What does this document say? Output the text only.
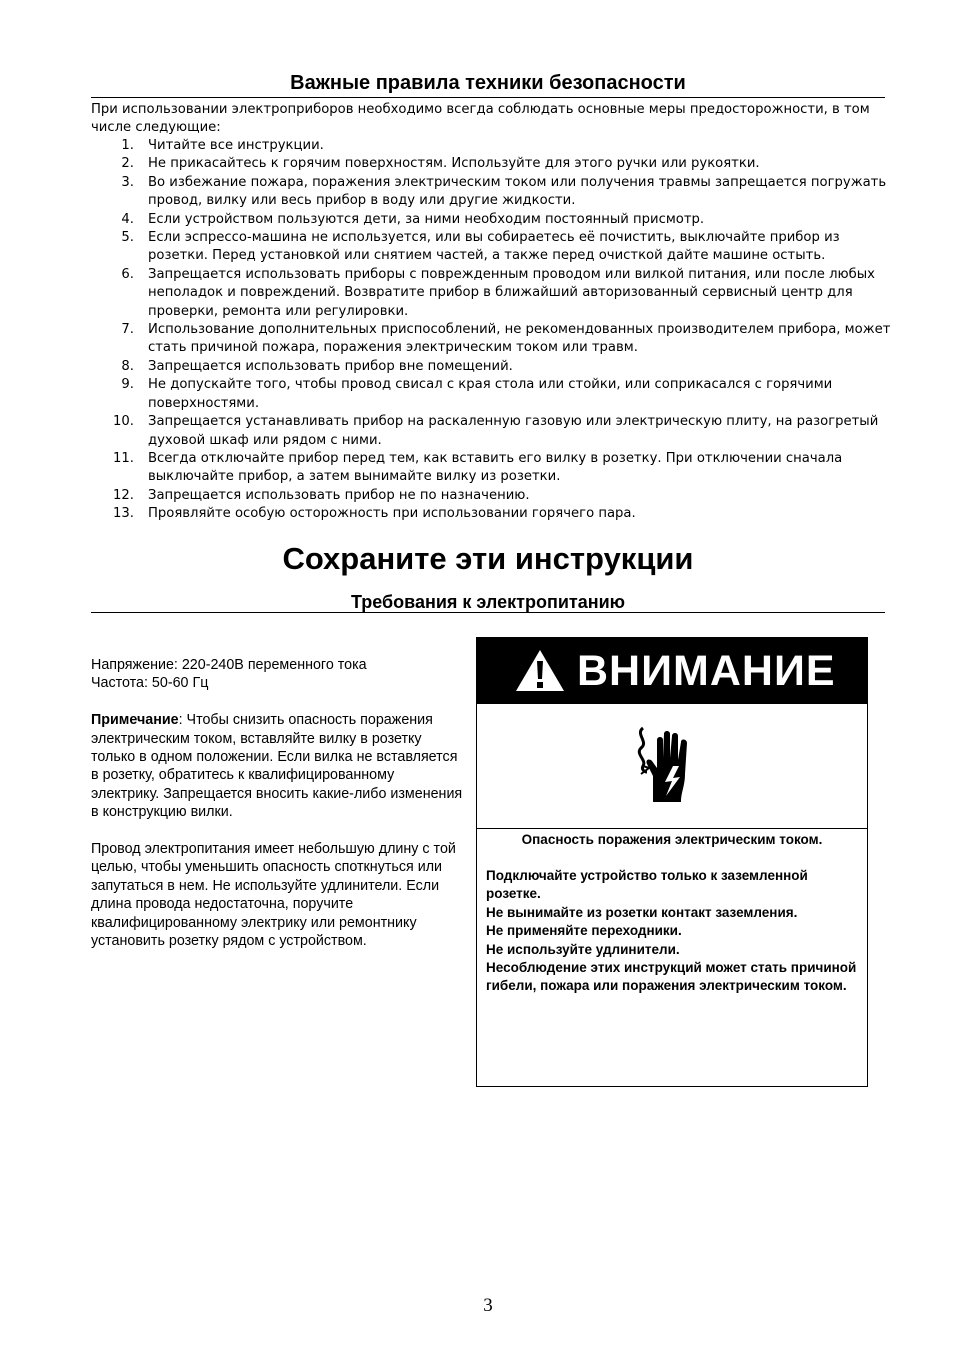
Важные правила техники безопасности
При использовании электроприборов необходимо всегда соблюдать основные меры предосторожности, в том числе следующие:
1. Читайте все инструкции.
2. Не прикасайтесь к горячим поверхностям. Используйте для этого ручки или рукоятки.
3. Во избежание пожара, поражения электрическим током или получения травмы запрещается погружать провод, вилку или весь прибор в воду или другие жидкости.
4. Если устройством пользуются дети, за ними необходим постоянный присмотр.
5. Если эспрессо-машина не используется, или вы собираетесь её почистить, выключайте прибор из розетки. Перед установкой или снятием частей, а также перед очисткой дайте машине остыть.
6. Запрещается использовать приборы с поврежденным проводом или вилкой питания, или после любых неполадок и повреждений. Возвратите прибор в ближайший авторизованный сервисный центр для проверки, ремонта или регулировки.
7. Использование дополнительных приспособлений, не рекомендованных производителем прибора, может стать причиной пожара, поражения электрическим током или травм.
8. Запрещается использовать прибор вне помещений.
9. Не допускайте того, чтобы провод свисал с края стола или стойки, или соприкасался с горячими поверхностями.
10. Запрещается устанавливать прибор на раскаленную газовую или электрическую плиту, на разогретый духовой шкаф или рядом с ними.
11. Всегда отключайте прибор перед тем, как вставить его вилку в розетку. При отключении сначала выключайте прибор, а затем вынимайте вилку из розетки.
12. Запрещается использовать прибор не по назначению.
13. Проявляйте особую осторожность при использовании горячего пара.
Сохраните эти инструкции
Требования к электропитанию

Напряжение: 220-240В переменного тока

Частота: 50-60 Гц

Примечание: Чтобы снизить опасность поражения электрическим током, вставляйте вилку в розетку только в одном положении. Если вилка не вставляется в розетку, обратитесь к квалифицированному электрику. Запрещается вносить какие-либо изменения в конструкцию вилки.

Провод электропитания имеет небольшую длину с той целью, чтобы уменьшить опасность споткнуться или запутаться в нем. Не используйте удлинители. Если длина провода недостаточна, поручите квалифицированному электрику или ремонтнику установить розетку рядом с устройством.

ВНИМАНИЕ
Опасность поражения электрическим током.
Подключайте устройство только к заземленной розетке.
Не вынимайте из розетки контакт заземления.
Не применяйте переходники.
Не используйте удлинители.
Несоблюдение этих инструкций может стать причиной гибели, пожара или поражения электрическим током.
3
